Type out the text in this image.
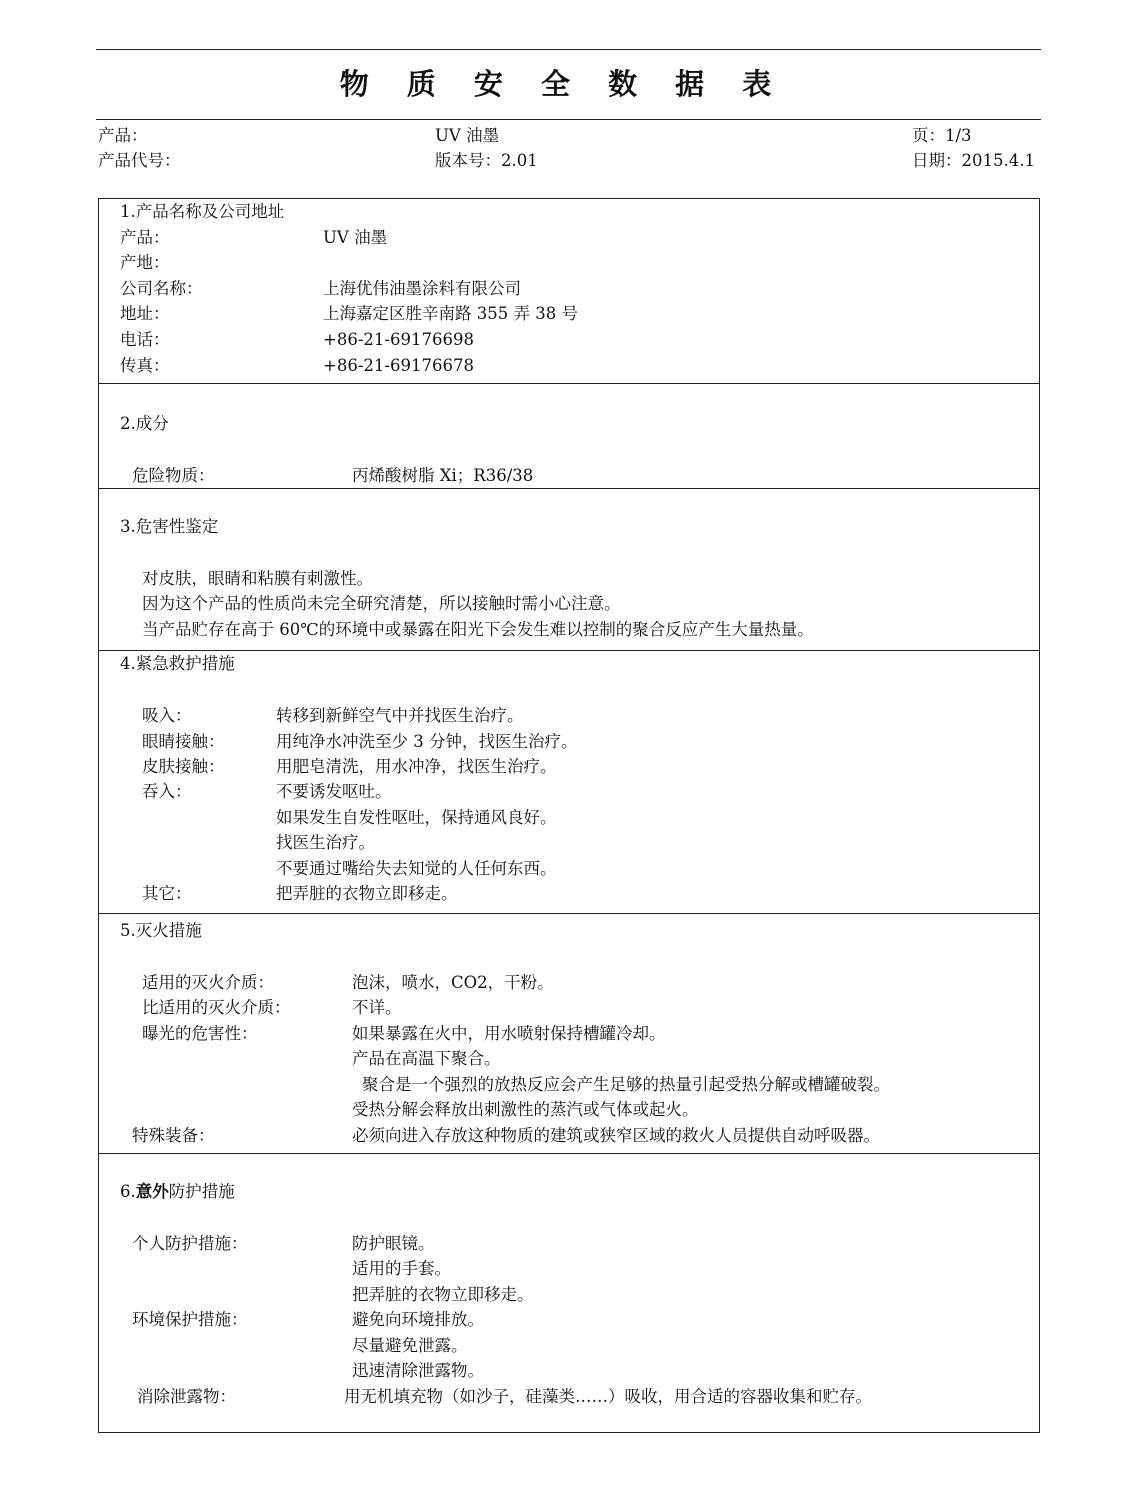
物 质 安 全 数 据 表
产品：	UV 油墨	页：1/3
产品代号：	版本号：2.01	日期：2015.4.1
1.产品名称及公司地址
产品：	UV 油墨
产地：
公司名称：	上海优伟油墨涂料有限公司
地址：	上海嘉定区胜辛南路 355 弄 38 号
电话：	+86-21-69176698
传真：	+86-21-69176678
2.成分
危险物质：	丙烯酸树脂 Xi；R36/38
3.危害性鉴定
对皮肤，眼睛和粘膜有刺激性。
因为这个产品的性质尚未完全研究清楚，所以接触时需小心注意。
当产品贮存在高于 60℃的环境中或暴露在阳光下会发生难以控制的聚合反应产生大量热量。
4.紧急救护措施
吸入：	转移到新鲜空气中并找医生治疗。
眼睛接触：	用纯净水冲洗至少 3 分钟，找医生治疗。
皮肤接触：	用肥皂清洗，用水冲净，找医生治疗。
吞入：	不要诱发呕吐。
如果发生自发性呕吐，保持通风良好。
找医生治疗。
不要通过嘴给失去知觉的人任何东西。
其它：	把弄脏的衣物立即移走。
5.灭火措施
适用的灭火介质：	泡沫，喷水，CO2，干粉。
比适用的灭火介质：	不详。
曝光的危害性：	如果暴露在火中，用水喷射保持槽罐冷却。
产品在高温下聚合。
聚合是一个强烈的放热反应会产生足够的热量引起受热分解或槽罐破裂。
受热分解会释放出刺激性的蒸汽或气体或起火。
特殊装备：	必须向进入存放这种物质的建筑或狭窄区域的救火人员提供自动呼吸器。
6.意外防护措施
个人防护措施：	防护眼镜。
适用的手套。
把弄脏的衣物立即移走。
环境保护措施：	避免向环境排放。
尽量避免泄露。
迅速清除泄露物。
消除泄露物：	用无机填充物（如沙子，硅藻类……）吸收，用合适的容器收集和贮存。
